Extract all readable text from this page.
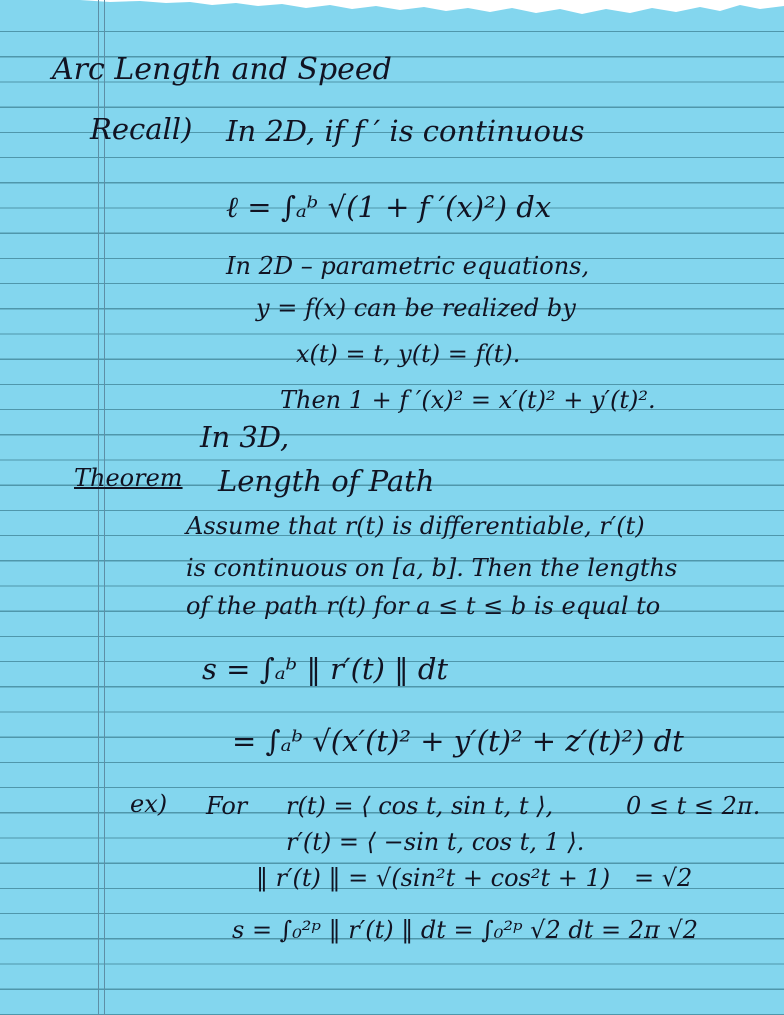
Arc Length and Speed
Recall) In 2D, if f ′ is continuous
ℓ = ∫ₐᵇ √(1 + f ′(x)²) dx
In 2D – parametric equations,
y = f(x) can be realized by
x(t) = t, y(t) = f(t).
Then 1 + f ′(x)² = x′(t)² + y′(t)².
In 3D,
Theorem Length of Path
Assume that r(t) is differentiable, r′(t)
is continuous on [a, b]. Then the lengths
of the path r(t) for a ≤ t ≤ b is equal to
s = ∫ₐᵇ ‖ r′(t) ‖ dt
= ∫ₐᵇ √(x′(t)² + y′(t)² + z′(t)²) dt
ex) For r(t) = ⟨ cos t, sin t, t ⟩,	0 ≤ t ≤ 2π.
r′(t) = ⟨ −sin t, cos t, 1 ⟩.
‖ r′(t) ‖ = √(sin²t + cos²t + 1) = √2
s = ∫₀²ᵖ ‖ r′(t) ‖ dt = ∫₀²ᵖ √2 dt = 2π √2
